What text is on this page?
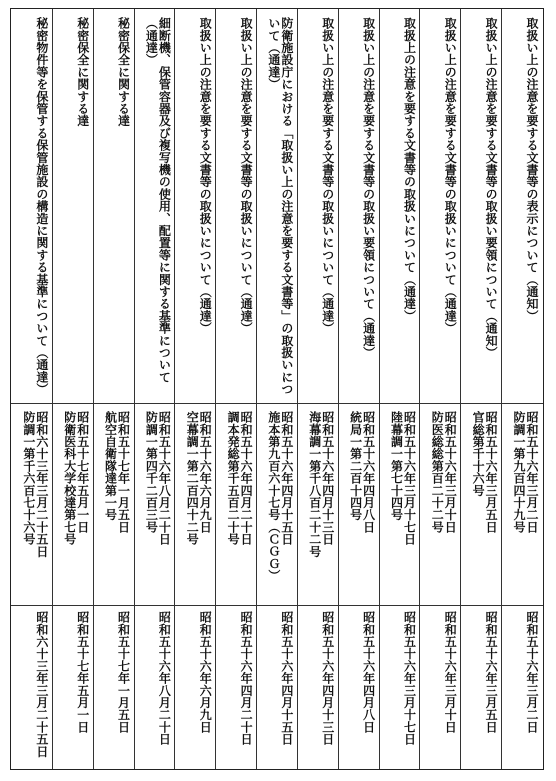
取扱い上の注意を要する文書等の表示について（通知）
昭和五十六年三月二日
防調一第九百四十九号
昭和五十六年三月二日
取扱い上の注意を要する文書等の取扱い要領について（通知）
昭和五十六年三月五日
官総第千十六号
昭和五十六年三月五日
取扱い上の注意を要する文書等の取扱いについて（通達）
昭和五十六年三月十日
防医総総第百二十二号
昭和五十六年三月十日
取扱上の注意を要する文書等の取扱いについて（通達）
昭和五十六年三月十七日
陸幕調一第七十四号
昭和五十六年三月十七日
取扱い上の注意を要する文書等の取扱い要領について（通達）
昭和五十六年四月八日
統局一第二百十四号
昭和五十六年四月八日
取扱い上の注意を要する文書等の取扱いについて（通達）
昭和五十六年四月十三日
海幕調一第千八百二十二号
昭和五十六年四月十三日
防衛施設庁における「取扱い上の注意を要する文書等」の取扱いについて（通達）
昭和五十六年四月十五日
施本第九百六十七号（ＣＧＧ）
昭和五十六年四月十五日
取扱い上の注意を要する文書等の取扱いについて（通達）
昭和五十六年四月二十日
調本発総第千五百二十号
昭和五十六年四月二十日
取扱い上の注意を要する文書等の取扱いについて（通達）
昭和五十六年六月九日
空幕調一第二百四十二号
昭和五十六年六月九日
細断機、保管容器及び複写機の使用、配置等に関する基準について（通達）
昭和五十六年八月二十日
防調一第四千二百三号
昭和五十六年八月二十日
秘密保全に関する達
昭和五十七年一月五日
航空自衛隊達第一号
昭和五十七年一月五日
秘密保全に関する達
昭和五十七年五月一日
防衛医科大学校達第七号
昭和五十七年五月一日
秘密物件等を保管する保管施設の構造に関する基準について（通達）
昭和六十三年三月二十五日
防調一第千六百七十六号
昭和六十三年三月二十五日
